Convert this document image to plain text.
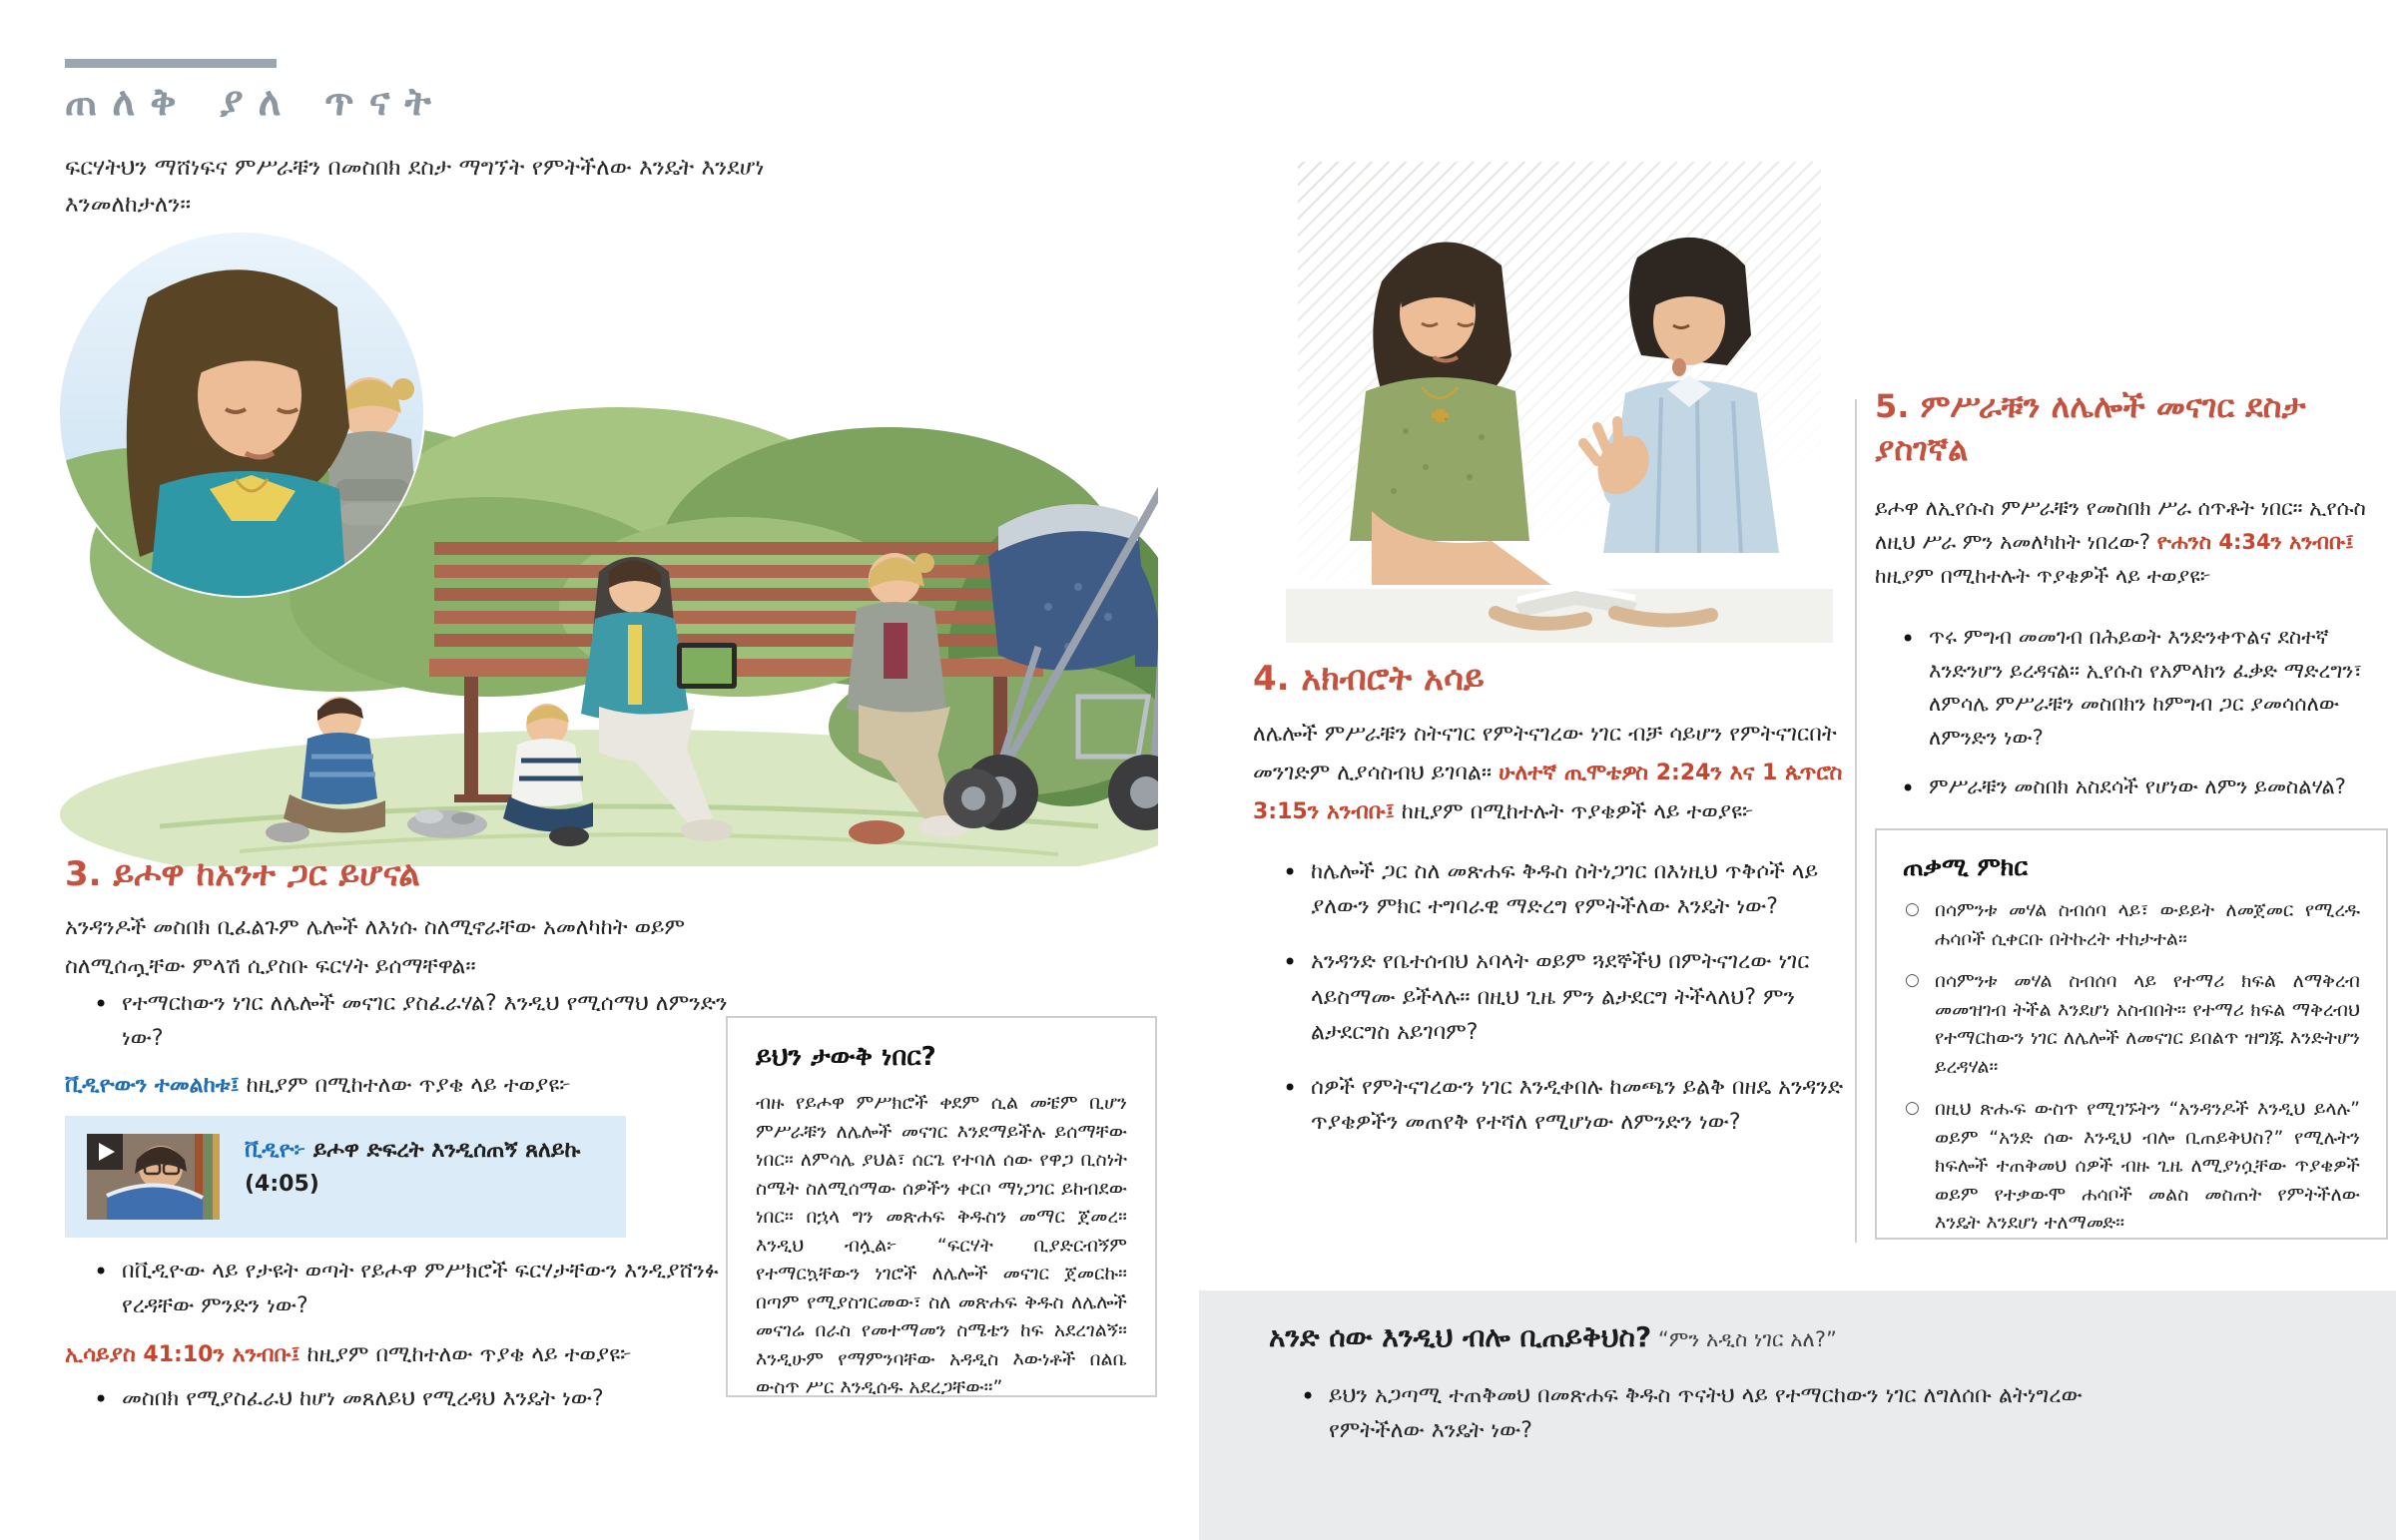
ጠለቅ ያለ ጥናት
ፍርሃትህን ማሸነፍና ምሥራቹን በመስበክ ደስታ ማግኘት የምትችለው እንዴት እንደሆነ እንመለከታለን።
3. ይሖዋ ከአንተ ጋር ይሆናል
አንዳንዶች መስበክ ቢፈልጉም ሌሎች ለእነሱ ስለሚኖራቸው አመለካከት ወይም ስለሚሰጧቸው ምላሽ ሲያስቡ ፍርሃት ይሰማቸዋል።
• የተማርከውን ነገር ለሌሎች መናገር ያስፈራሃል? እንዲህ የሚሰማህ ለምንድን ነው?
ቪዲዮውን ተመልከቱ፤ ከዚያም በሚከተለው ጥያቄ ላይ ተወያዩ፦
ቪዲዮ፦ ይሖዋ ድፍረት እንዲሰጠኝ ጸለይኩ
(4:05)
• በቪዲዮው ላይ የታዩት ወጣት የይሖዋ ምሥክሮች ፍርሃታቸውን እንዲያሸንፉ የረዳቸው ምንድን ነው?
ኢሳይያስ 41:10ን አንብቡ፤ ከዚያም በሚከተለው ጥያቄ ላይ ተወያዩ፦
• መስበክ የሚያስፈራህ ከሆነ መጸለይህ የሚረዳህ እንዴት ነው?
ይህን ታውቅ ነበር?
ብዙ የይሖዋ ምሥክሮች ቀደም ሲል መቼም ቢሆን ምሥራቹን ለሌሎች መናገር እንደማይችሉ ይሰማቸው ነበር። ለምሳሌ ያህል፣ ሰርጌ የተባለ ሰው የዋጋ ቢስነት ስሜት ስለሚሰማው ሰዎችን ቀርቦ ማነጋገር ይከብደው ነበር። በኋላ ግን መጽሐፍ ቅዱስን መማር ጀመረ። እንዲህ ብሏል፦ “ፍርሃት ቢያድርብኝም የተማርኳቸውን ነገሮች ለሌሎች መናገር ጀመርኩ። በጣም የሚያስገርመው፣ ስለ መጽሐፍ ቅዱስ ለሌሎች መናገሬ በራስ የመተማመን ስሜቴን ከፍ አደረገልኝ። እንዲሁም የማምንባቸው አዳዲስ እውነቶች በልቤ ውስጥ ሥር እንዲሰዱ አደረጋቸው።”
4. አክብሮት አሳይ
ለሌሎች ምሥራቹን ስትናገር የምትናገረው ነገር ብቻ ሳይሆን የምትናገርበት መንገድም ሊያሳስብህ ይገባል። ሁለተኛ ጢሞቴዎስ 2:24ን እና 1 ጴጥሮስ 3:15ን አንብቡ፤ ከዚያም በሚከተሉት ጥያቄዎች ላይ ተወያዩ፦
• ከሌሎች ጋር ስለ መጽሐፍ ቅዱስ ስትነጋገር በእነዚህ ጥቅሶች ላይ ያለውን ምክር ተግባራዊ ማድረግ የምትችለው እንዴት ነው?
• አንዳንድ የቤተሰብህ አባላት ወይም ጓደኞችህ በምትናገረው ነገር ላይስማሙ ይችላሉ። በዚህ ጊዜ ምን ልታደርግ ትችላለህ? ምን ልታደርግስ አይገባም?
• ሰዎች የምትናገረውን ነገር እንዲቀበሉ ከመጫን ይልቅ በዘዴ አንዳንድ ጥያቄዎችን መጠየቅ የተሻለ የሚሆነው ለምንድን ነው?
5. ምሥራቹን ለሌሎች መናገር ደስታ ያስገኛል
ይሖዋ ለኢየሱስ ምሥራቹን የመስበክ ሥራ ሰጥቶት ነበር። ኢየሱስ ለዚህ ሥራ ምን አመለካከት ነበረው? ዮሐንስ 4:34ን አንብቡ፤ ከዚያም በሚከተሉት ጥያቄዎች ላይ ተወያዩ፦
• ጥሩ ምግብ መመገብ በሕይወት እንድንቀጥልና ደስተኛ እንድንሆን ይረዳናል። ኢየሱስ የአምላክን ፈቃድ ማድረግን፣ ለምሳሌ ምሥራቹን መስበክን ከምግብ ጋር ያመሳሰለው ለምንድን ነው?
• ምሥራቹን መስበክ አስደሳች የሆነው ለምን ይመስልሃል?
ጠቃሚ ምክር
○ በሳምንቱ መሃል ስብሰባ ላይ፣ ውይይት ለመጀመር የሚረዱ ሐሳቦች ሲቀርቡ በትኩረት ተከታተል።
○ በሳምንቱ መሃል ስብሰባ ላይ የተማሪ ክፍል ለማቅረብ መመዝገብ ትችል እንደሆነ አስብበት። የተማሪ ክፍል ማቅረብህ የተማርከውን ነገር ለሌሎች ለመናገር ይበልጥ ዝግጁ እንድትሆን ይረዳሃል።
○ በዚህ ጽሑፍ ውስጥ የሚገኙትን “አንዳንዶች እንዲህ ይላሉ” ወይም “አንድ ሰው እንዲህ ብሎ ቢጠይቅህስ?” የሚሉትን ክፍሎች ተጠቅመህ ሰዎች ብዙ ጊዜ ለሚያነሷቸው ጥያቄዎች ወይም የተቃውሞ ሐሳቦች መልስ መስጠት የምትችለው እንዴት እንደሆነ ተለማመድ።
አንድ ሰው እንዲህ ብሎ ቢጠይቅህስ? “ምን አዲስ ነገር አለ?”
• ይህን አጋጣሚ ተጠቅመህ በመጽሐፍ ቅዱስ ጥናትህ ላይ የተማርከውን ነገር ለግለሰቡ ልትነግረው የምትችለው እንዴት ነው?
